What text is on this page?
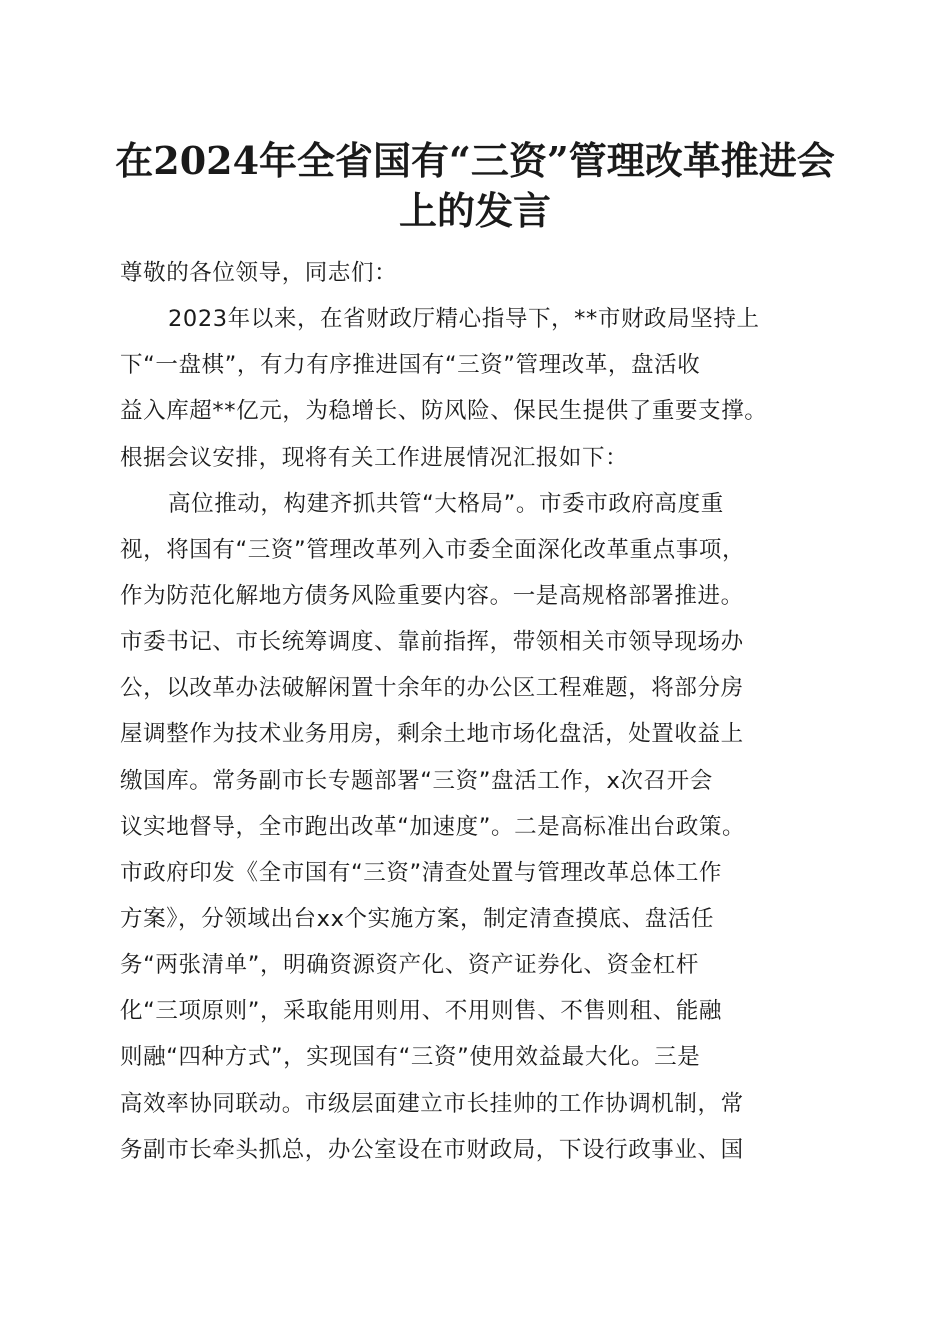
在2024年全省国有“三资”管理改革推进会
上的发言
尊敬的各位领导，同志们：
2023年以来，在省财政厅精心指导下，**市财政局坚持上
下“一盘棋”，有力有序推进国有“三资”管理改革，盘活收
益入库超**亿元，为稳增长、防风险、保民生提供了重要支撑。
根据会议安排，现将有关工作进展情况汇报如下：
高位推动，构建齐抓共管“大格局”。市委市政府高度重
视，将国有“三资”管理改革列入市委全面深化改革重点事项，
作为防范化解地方债务风险重要内容。一是高规格部署推进。
市委书记、市长统筹调度、靠前指挥，带领相关市领导现场办
公，以改革办法破解闲置十余年的办公区工程难题，将部分房
屋调整作为技术业务用房，剩余土地市场化盘活，处置收益上
缴国库。常务副市长专题部署“三资”盘活工作，x次召开会
议实地督导，全市跑出改革“加速度”。二是高标准出台政策。
市政府印发《全市国有“三资”清查处置与管理改革总体工作
方案》，分领域出台xx个实施方案，制定清查摸底、盘活任
务“两张清单”，明确资源资产化、资产证券化、资金杠杆
化“三项原则”，采取能用则用、不用则售、不售则租、能融
则融“四种方式”，实现国有“三资”使用效益最大化。三是
高效率协同联动。市级层面建立市长挂帅的工作协调机制，常
务副市长牵头抓总，办公室设在市财政局，下设行政事业、国
